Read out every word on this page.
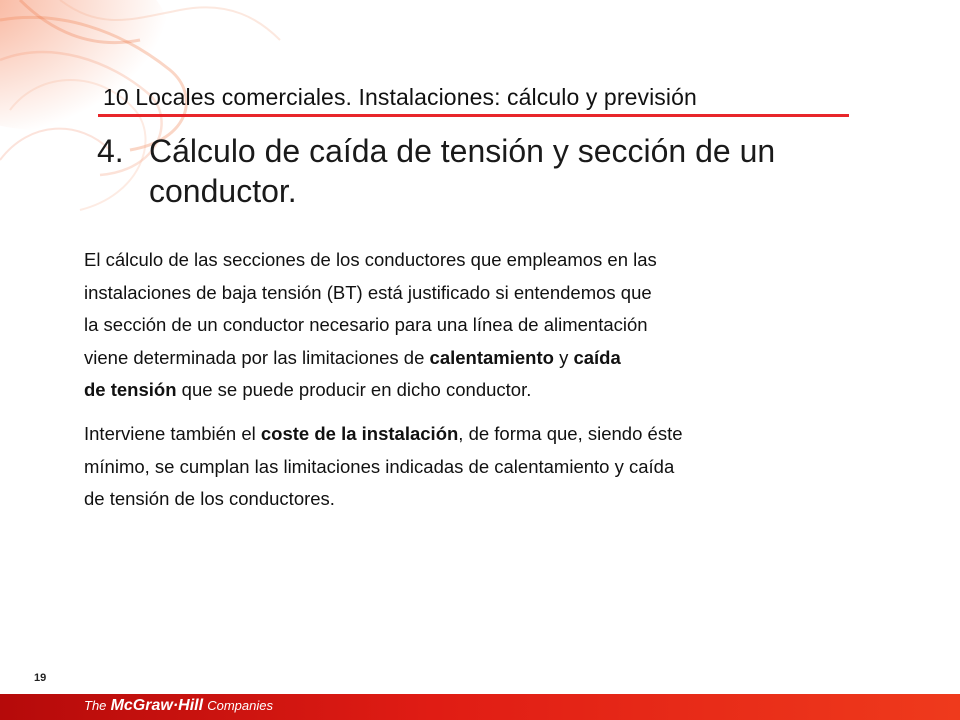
10 Locales comerciales. Instalaciones: cálculo y previsión
4. Cálculo de caída de tensión y sección de un conductor.

El cálculo de las secciones de los conductores que empleamos en las
instalaciones de baja tensión (BT) está justificado si entendemos que
la sección de un conductor necesario para una línea de alimentación
viene determinada por las limitaciones de calentamiento y caída
de tensión que se puede producir en dicho conductor.

Interviene también el coste de la instalación, de forma que, siendo éste
mínimo, se cumplan las limitaciones indicadas de calentamiento y caída
de tensión de los conductores.

19
The McGraw·Hill Companies
